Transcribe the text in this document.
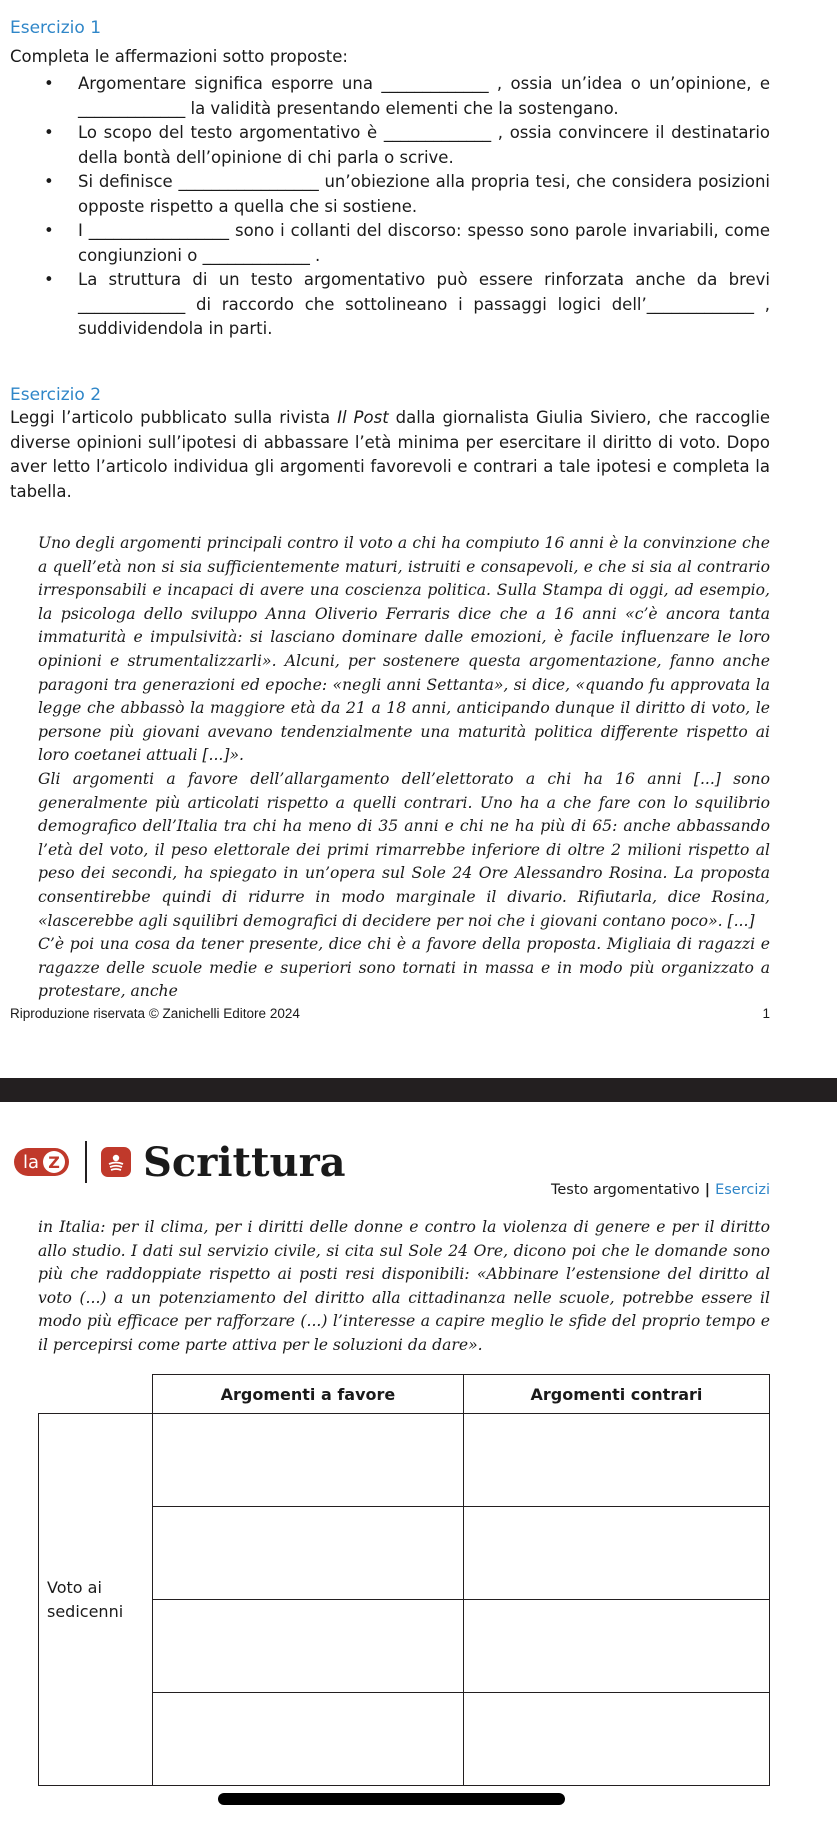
Esercizio 1
Completa le affermazioni sotto proposte:
• Argomentare significa esporre una _____________ , ossia un’idea o un’opinione, e _____________ la validità presentando elementi che la sostengano.
• Lo scopo del testo argomentativo è _____________ , ossia convincere il destinatario della bontà dell’opinione di chi parla o scrive.
• Si definisce _________________ un’obiezione alla propria tesi, che considera posizioni opposte rispetto a quella che si sostiene.
• I _________________ sono i collanti del discorso: spesso sono parole invariabili, come congiunzioni o _____________ .
• La struttura di un testo argomentativo può essere rinforzata anche da brevi _____________ di raccordo che sottolineano i passaggi logici dell’_____________ , suddividendola in parti.
Esercizio 2
Leggi l’articolo pubblicato sulla rivista Il Post dalla giornalista Giulia Siviero, che raccoglie diverse opinioni sull’ipotesi di abbassare l’età minima per esercitare il diritto di voto. Dopo aver letto l’articolo individua gli argomenti favorevoli e contrari a tale ipotesi e completa la tabella.
Uno degli argomenti principali contro il voto a chi ha compiuto 16 anni è la convinzione che a quell’età non si sia sufficientemente maturi, istruiti e consapevoli, e che si sia al contrario irresponsabili e incapaci di avere una coscienza politica. Sulla Stampa di oggi, ad esempio, la psicologa dello sviluppo Anna Oliverio Ferraris dice che a 16 anni «c’è ancora tanta immaturità e impulsività: si lasciano dominare dalle emozioni, è facile influenzare le loro opinioni e strumentalizzarli». Alcuni, per sostenere questa argomentazione, fanno anche paragoni tra generazioni ed epoche: «negli anni Settanta», si dice, «quando fu approvata la legge che abbassò la maggiore età da 21 a 18 anni, anticipando dunque il diritto di voto, le persone più giovani avevano tendenzialmente una maturità politica differente rispetto ai loro coetanei attuali [...]».
Gli argomenti a favore dell’allargamento dell’elettorato a chi ha 16 anni [...] sono generalmente più articolati rispetto a quelli contrari. Uno ha a che fare con lo squilibrio demografico dell’Italia tra chi ha meno di 35 anni e chi ne ha più di 65: anche abbassando l’età del voto, il peso elettorale dei primi rimarrebbe inferiore di oltre 2 milioni rispetto al peso dei secondi, ha spiegato in un’opera sul Sole 24 Ore Alessandro Rosina. La proposta consentirebbe quindi di ridurre in modo marginale il divario. Rifiutarla, dice Rosina, «lascerebbe agli squilibri demografici di decidere per noi che i giovani contano poco». [...]
C’è poi una cosa da tener presente, dice chi è a favore della proposta. Migliaia di ragazzi e ragazze delle scuole medie e superiori sono tornati in massa e in modo più organizzato a protestare, anche
Riproduzione riservata © Zanichelli Editore 2024	1
la Z Scrittura
Testo argomentativo | Esercizi
in Italia: per il clima, per i diritti delle donne e contro la violenza di genere e per il diritto allo studio. I dati sul servizio civile, si cita sul Sole 24 Ore, dicono poi che le domande sono più che raddoppiate rispetto ai posti resi disponibili: «Abbinare l’estensione del diritto al voto (...) a un potenziamento del diritto alla cittadinanza nelle scuole, potrebbe essere il modo più efficace per rafforzare (...) l’interesse a capire meglio le sfide del proprio tempo e il percepirsi come parte attiva per le soluzioni da dare».
	Argomenti a favore	Argomenti contrari

Voto ai
sedicenni		
